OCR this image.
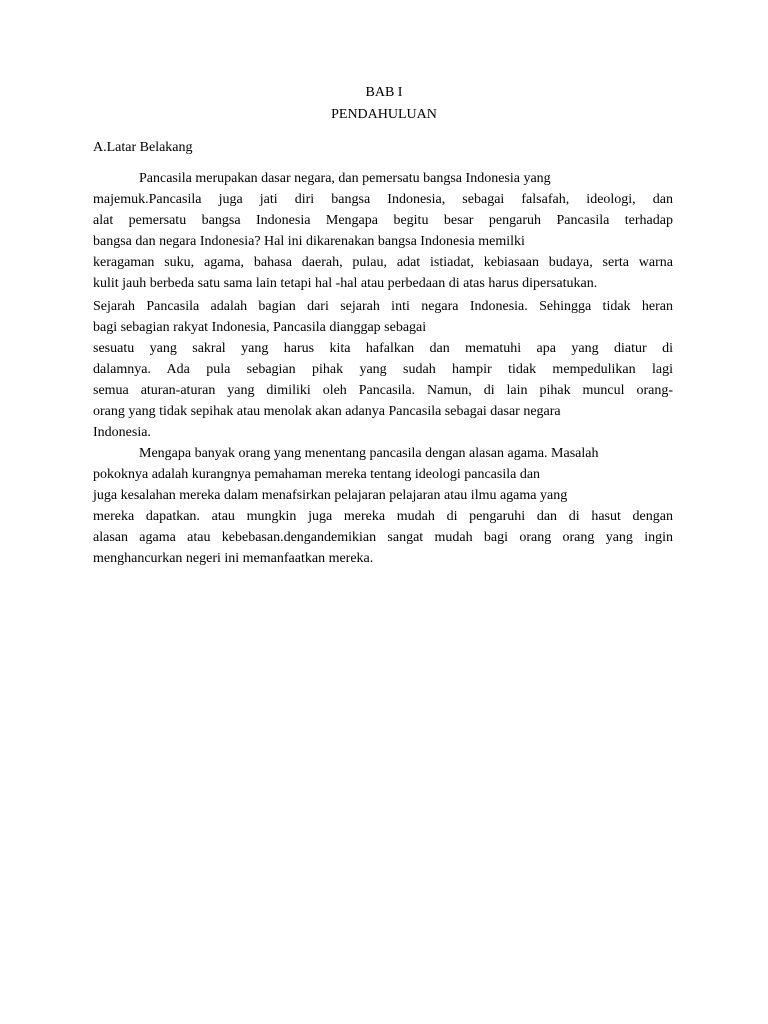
BAB I
PENDAHULUAN
A.Latar Belakang
Pancasila merupakan dasar negara, dan pemersatu bangsa Indonesia yang
majemuk.Pancasila juga jati diri bangsa Indonesia, sebagai falsafah, ideologi, dan
alat pemersatu bangsa Indonesia Mengapa begitu besar pengaruh Pancasila terhadap
bangsa dan negara Indonesia? Hal ini dikarenakan bangsa Indonesia memilki
keragaman suku, agama, bahasa daerah, pulau, adat istiadat, kebiasaan budaya, serta warna
kulit jauh berbeda satu sama lain tetapi hal -hal atau perbedaan di atas harus dipersatukan.
Sejarah Pancasila adalah bagian dari sejarah inti negara Indonesia. Sehingga tidak heran
bagi sebagian rakyat Indonesia, Pancasila dianggap sebagai
sesuatu yang sakral yang harus kita hafalkan dan mematuhi apa yang diatur di
dalamnya. Ada pula sebagian pihak yang sudah hampir tidak mempedulikan lagi
semua aturan-aturan yang dimiliki oleh Pancasila. Namun, di lain pihak muncul orang-
orang yang tidak sepihak atau menolak akan adanya Pancasila sebagai dasar negara
Indonesia.
Mengapa banyak orang yang menentang pancasila dengan alasan agama. Masalah
pokoknya adalah kurangnya pemahaman mereka tentang ideologi pancasila dan
juga kesalahan mereka dalam menafsirkan pelajaran pelajaran atau ilmu agama yang
mereka dapatkan. atau mungkin juga mereka mudah di pengaruhi dan di hasut dengan
alasan agama atau kebebasan.dengandemikian sangat mudah bagi orang orang yang ingin
menghancurkan negeri ini memanfaatkan mereka.
